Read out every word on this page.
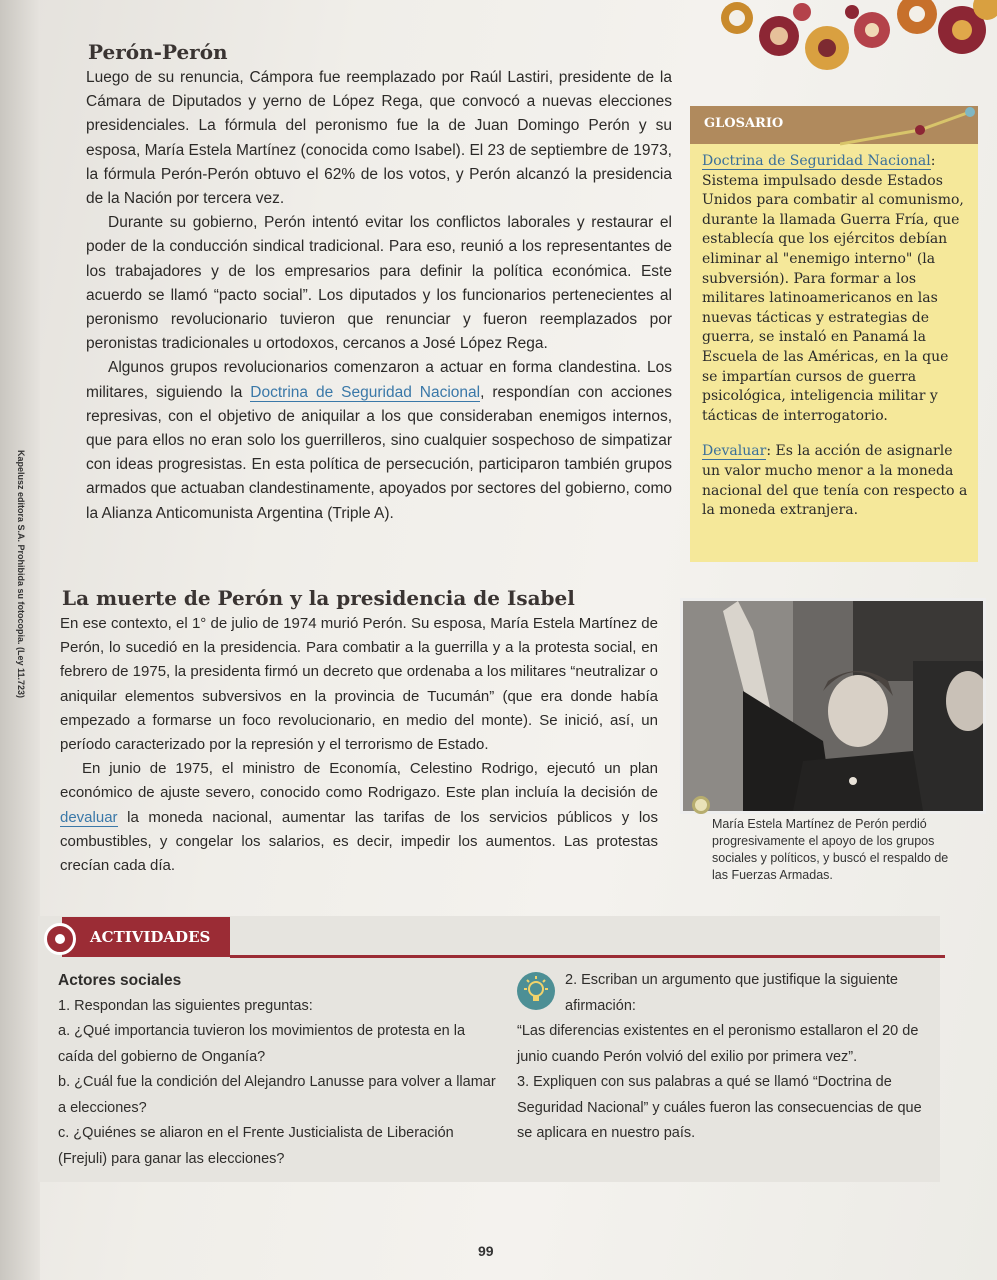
Kapelusz editora S.A. Prohibida su fotocopia. (Ley 11.723)
Perón-Perón

Luego de su renuncia, Cámpora fue reemplazado por Raúl Lastiri, presidente de la Cámara de Diputados y yerno de López Rega, que convocó a nuevas elecciones presidenciales. La fórmula del peronismo fue la de Juan Domingo Perón y su esposa, María Estela Martínez (conocida como Isabel). El 23 de septiembre de 1973, la fórmula Perón-Perón obtuvo el 62% de los votos, y Perón alcanzó la presidencia de la Nación por tercera vez.

Durante su gobierno, Perón intentó evitar los conflictos laborales y restaurar el poder de la conducción sindical tradicional. Para eso, reunió a los representantes de los trabajadores y de los empresarios para definir la política económica. Este acuerdo se llamó “pacto social”. Los diputados y los funcionarios pertenecientes al peronismo revolucionario tuvieron que renunciar y fueron reemplazados por peronistas tradicionales u ortodoxos, cercanos a José López Rega.

Algunos grupos revolucionarios comenzaron a actuar en forma clandestina. Los militares, siguiendo la Doctrina de Seguridad Nacional, respondían con acciones represivas, con el objetivo de aniquilar a los que consideraban enemigos internos, que para ellos no eran solo los guerrilleros, sino cualquier sospechoso de simpatizar con ideas progresistas. En esta política de persecución, participaron también grupos armados que actuaban clandestinamente, apoyados por sectores del gobierno, como la Alianza Anticomunista Argentina (Triple A).

GLOSARIO

Doctrina de Seguridad Nacional: Sistema impulsado desde Estados Unidos para combatir al comunismo, durante la llamada Guerra Fría, que establecía que los ejércitos debían eliminar al "enemigo interno" (la subversión). Para formar a los militares latinoamericanos en las nuevas tácticas y estrategias de guerra, se instaló en Panamá la Escuela de las Américas, en la que se impartían cursos de guerra psicológica, inteligencia militar y tácticas de interrogatorio.

Devaluar: Es la acción de asignarle un valor mucho menor a la moneda nacional del que tenía con respecto a la moneda extranjera.

La muerte de Perón y la presidencia de Isabel

En ese contexto, el 1° de julio de 1974 murió Perón. Su esposa, María Estela Martínez de Perón, lo sucedió en la presidencia. Para combatir a la guerrilla y a la protesta social, en febrero de 1975, la presidenta firmó un decreto que ordenaba a los militares “neutralizar o aniquilar elementos subversivos en la provincia de Tucumán” (que era donde había empezado a formarse un foco revolucionario, en medio del monte). Se inició, así, un período caracterizado por la represión y el terrorismo de Estado.

En junio de 1975, el ministro de Economía, Celestino Rodrigo, ejecutó un plan económico de ajuste severo, conocido como Rodrigazo. Este plan incluía la decisión de devaluar la moneda nacional, aumentar las tarifas de los servicios públicos y los combustibles, y congelar los salarios, es decir, impedir los aumentos. Las protestas crecían cada día.

María Estela Martínez de Perón perdió progresivamente el apoyo de los grupos sociales y políticos, y buscó el respaldo de las Fuerzas Armadas.
ACTIVIDADES

Actores sociales

1. Respondan las siguientes preguntas:

a. ¿Qué importancia tuvieron los movimientos de protesta en la caída del gobierno de Onganía?

b. ¿Cuál fue la condición del Alejandro Lanusse para volver a llamar a elecciones?

c. ¿Quiénes se aliaron en el Frente Justicialista de Liberación (Frejuli) para ganar las elecciones?

2. Escriban un argumento que justifique la siguiente afirmación:

“Las diferencias existentes en el peronismo estallaron el 20 de junio cuando Perón volvió del exilio por primera vez”.

3. Expliquen con sus palabras a qué se llamó “Doctrina de Seguridad Nacional” y cuáles fueron las consecuencias de que se aplicara en nuestro país.

99
